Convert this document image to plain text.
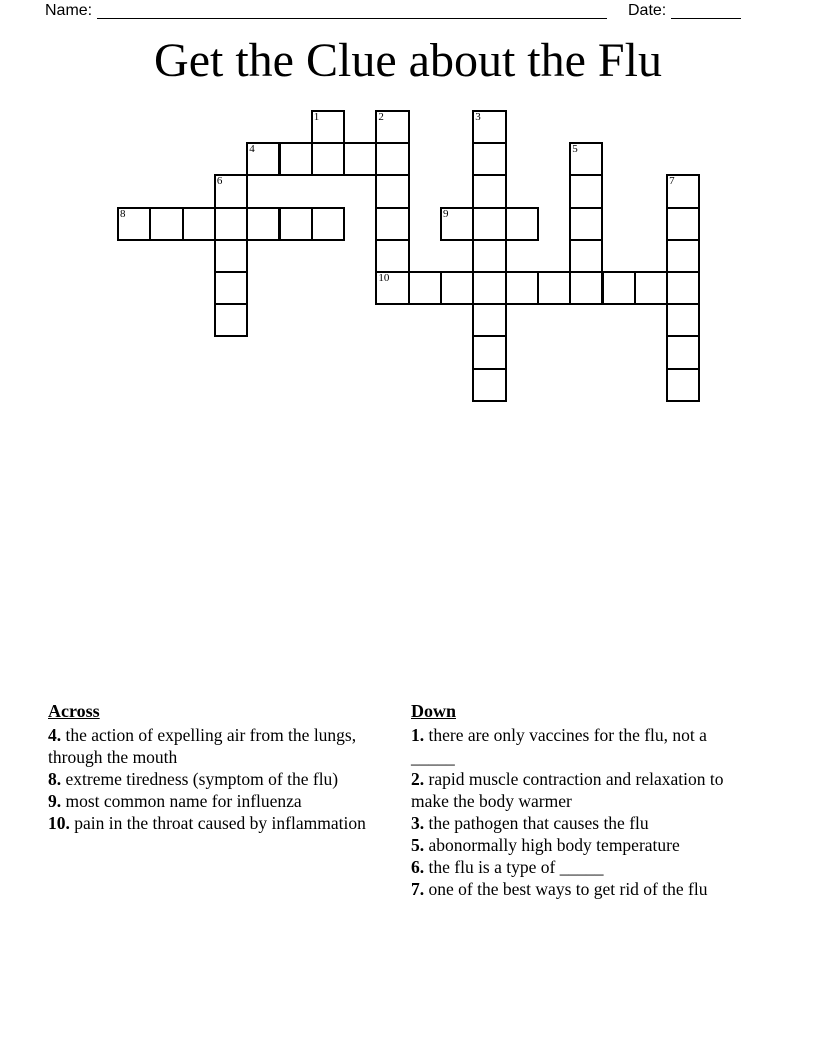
Name:	Date:
Get the Clue about the Flu
1	2	3
4	5
6	7
8	9
10
Across
4. the action of expelling air from the lungs, through the mouth
8. extreme tiredness (symptom of the flu)
9. most common name for influenza
10. pain in the throat caused by inflammation
Down
1. there are only vaccines for the flu, not a _____
2. rapid muscle contraction and relaxation to make the body warmer
3. the pathogen that causes the flu
5. abonormally high body temperature
6. the flu is a type of _____
7. one of the best ways to get rid of the flu
